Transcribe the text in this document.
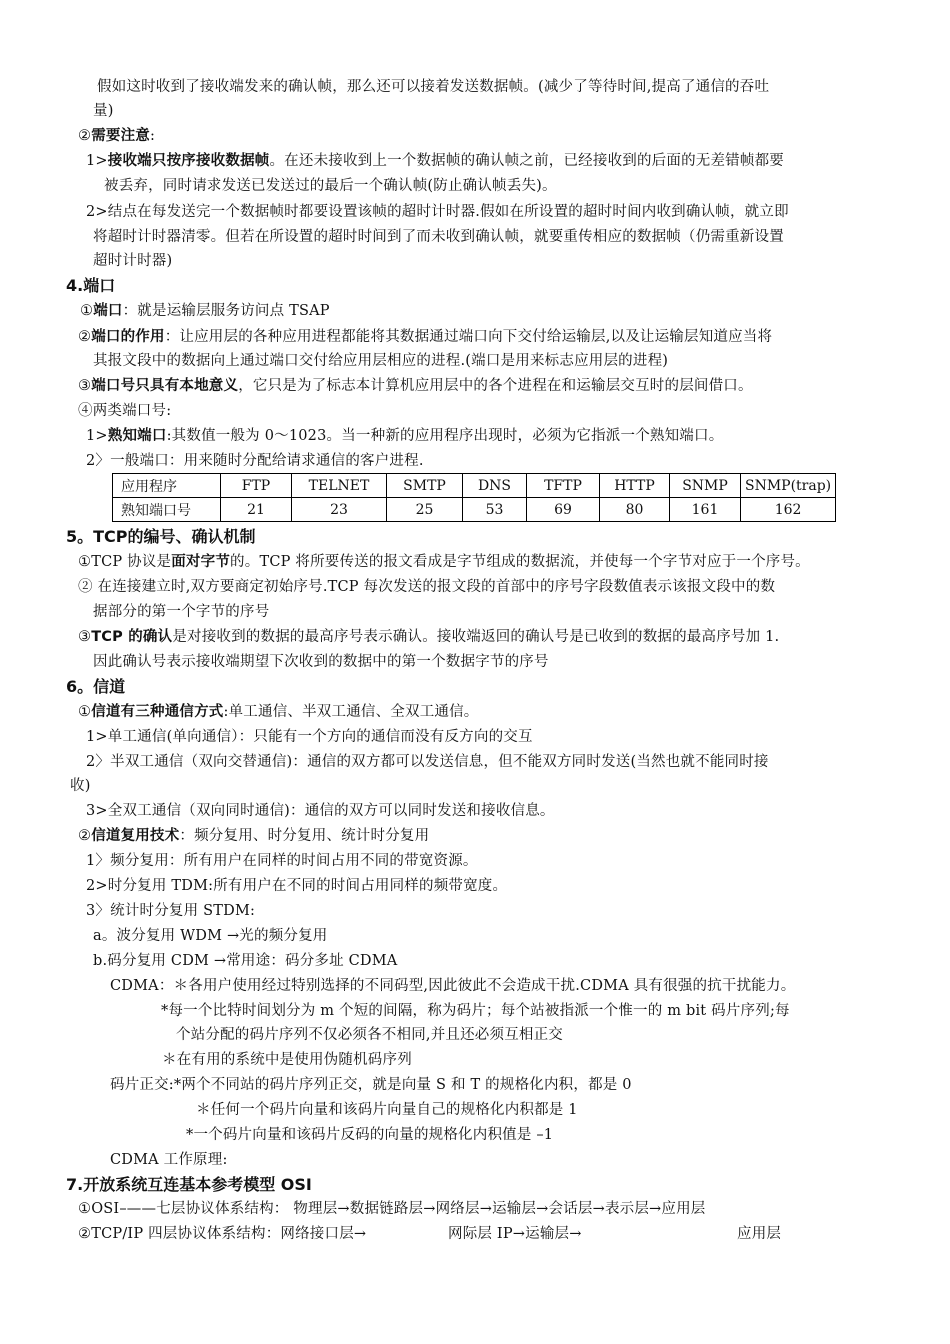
假如这时收到了接收端发来的确认帧，那么还可以接着发送数据帧。(减少了等待时间,提高了通信的吞吐
量)
②需要注意:
1>接收端只按序接收数据帧。在还未接收到上一个数据帧的确认帧之前，已经接收到的后面的无差错帧都要
被丢弃，同时请求发送已发送过的最后一个确认帧(防止确认帧丢失)。
2>结点在每发送完一个数据帧时都要设置该帧的超时计时器.假如在所设置的超时时间内收到确认帧，就立即
将超时计时器清零。但若在所设置的超时时间到了而未收到确认帧，就要重传相应的数据帧（仍需重新设置
超时计时器)
4.端口
①端口：就是运输层服务访问点 TSAP
②端口的作用：让应用层的各种应用进程都能将其数据通过端口向下交付给运输层,以及让运输层知道应当将
其报文段中的数据向上通过端口交付给应用层相应的进程.(端口是用来标志应用层的进程)
③端口号只具有本地意义，它只是为了标志本计算机应用层中的各个进程在和运输层交互时的层间借口。
④两类端口号:
1>熟知端口:其数值一般为 0～1023。当一种新的应用程序出现时，必须为它指派一个熟知端口。
2〉一般端口：用来随时分配给请求通信的客户进程.
应用程序	FTP	TELNET	SMTP	DNS	TFTP	HTTP	SNMP	SNMP(trap)
熟知端口号	21	23	25	53	69	80	161	162
5。TCP的编号、确认机制
①TCP 协议是面对字节的。TCP 将所要传送的报文看成是字节组成的数据流，并使每一个字节对应于一个序号。
② 在连接建立时,双方要商定初始序号.TCP 每次发送的报文段的首部中的序号字段数值表示该报文段中的数
据部分的第一个字节的序号
③TCP 的确认是对接收到的数据的最高序号表示确认。接收端返回的确认号是已收到的数据的最高序号加 1.
因此确认号表示接收端期望下次收到的数据中的第一个数据字节的序号
6。信道
①信道有三种通信方式:单工通信、半双工通信、全双工通信。
1>单工通信(单向通信）：只能有一个方向的通信而没有反方向的交互
2〉半双工通信（双向交替通信)：通信的双方都可以发送信息，但不能双方同时发送(当然也就不能同时接
收)
3>全双工通信（双向同时通信)：通信的双方可以同时发送和接收信息。
②信道复用技术：频分复用、时分复用、统计时分复用
1〉频分复用：所有用户在同样的时间占用不同的带宽资源。
2>时分复用 TDM:所有用户在不同的时间占用同样的频带宽度。
3〉统计时分复用 STDM:
a。波分复用 WDM →光的频分复用
b.码分复用 CDM →常用途：码分多址 CDMA
CDMA：＊各用户使用经过特别选择的不同码型,因此彼此不会造成干扰.CDMA 具有很强的抗干扰能力。
*每一个比特时间划分为 m 个短的间隔，称为码片；每个站被指派一个惟一的 m bit 码片序列;每
个站分配的码片序列不仅必须各不相同,并且还必须互相正交
＊在有用的系统中是使用伪随机码序列
码片正交:*两个不同站的码片序列正交，就是向量 S 和 T 的规格化内积，都是 0
＊任何一个码片向量和该码片向量自己的规格化内积都是 1
*一个码片向量和该码片反码的向量的规格化内积值是 –1
CDMA 工作原理:
7.开放系统互连基本参考模型 OSI
①OSI–——七层协议体系结构： 物理层→数据链路层→网络层→运输层→会话层→表示层→应用层
②TCP/IP 四层协议体系结构：网络接口层→	网际层 IP→运输层→	应用层
